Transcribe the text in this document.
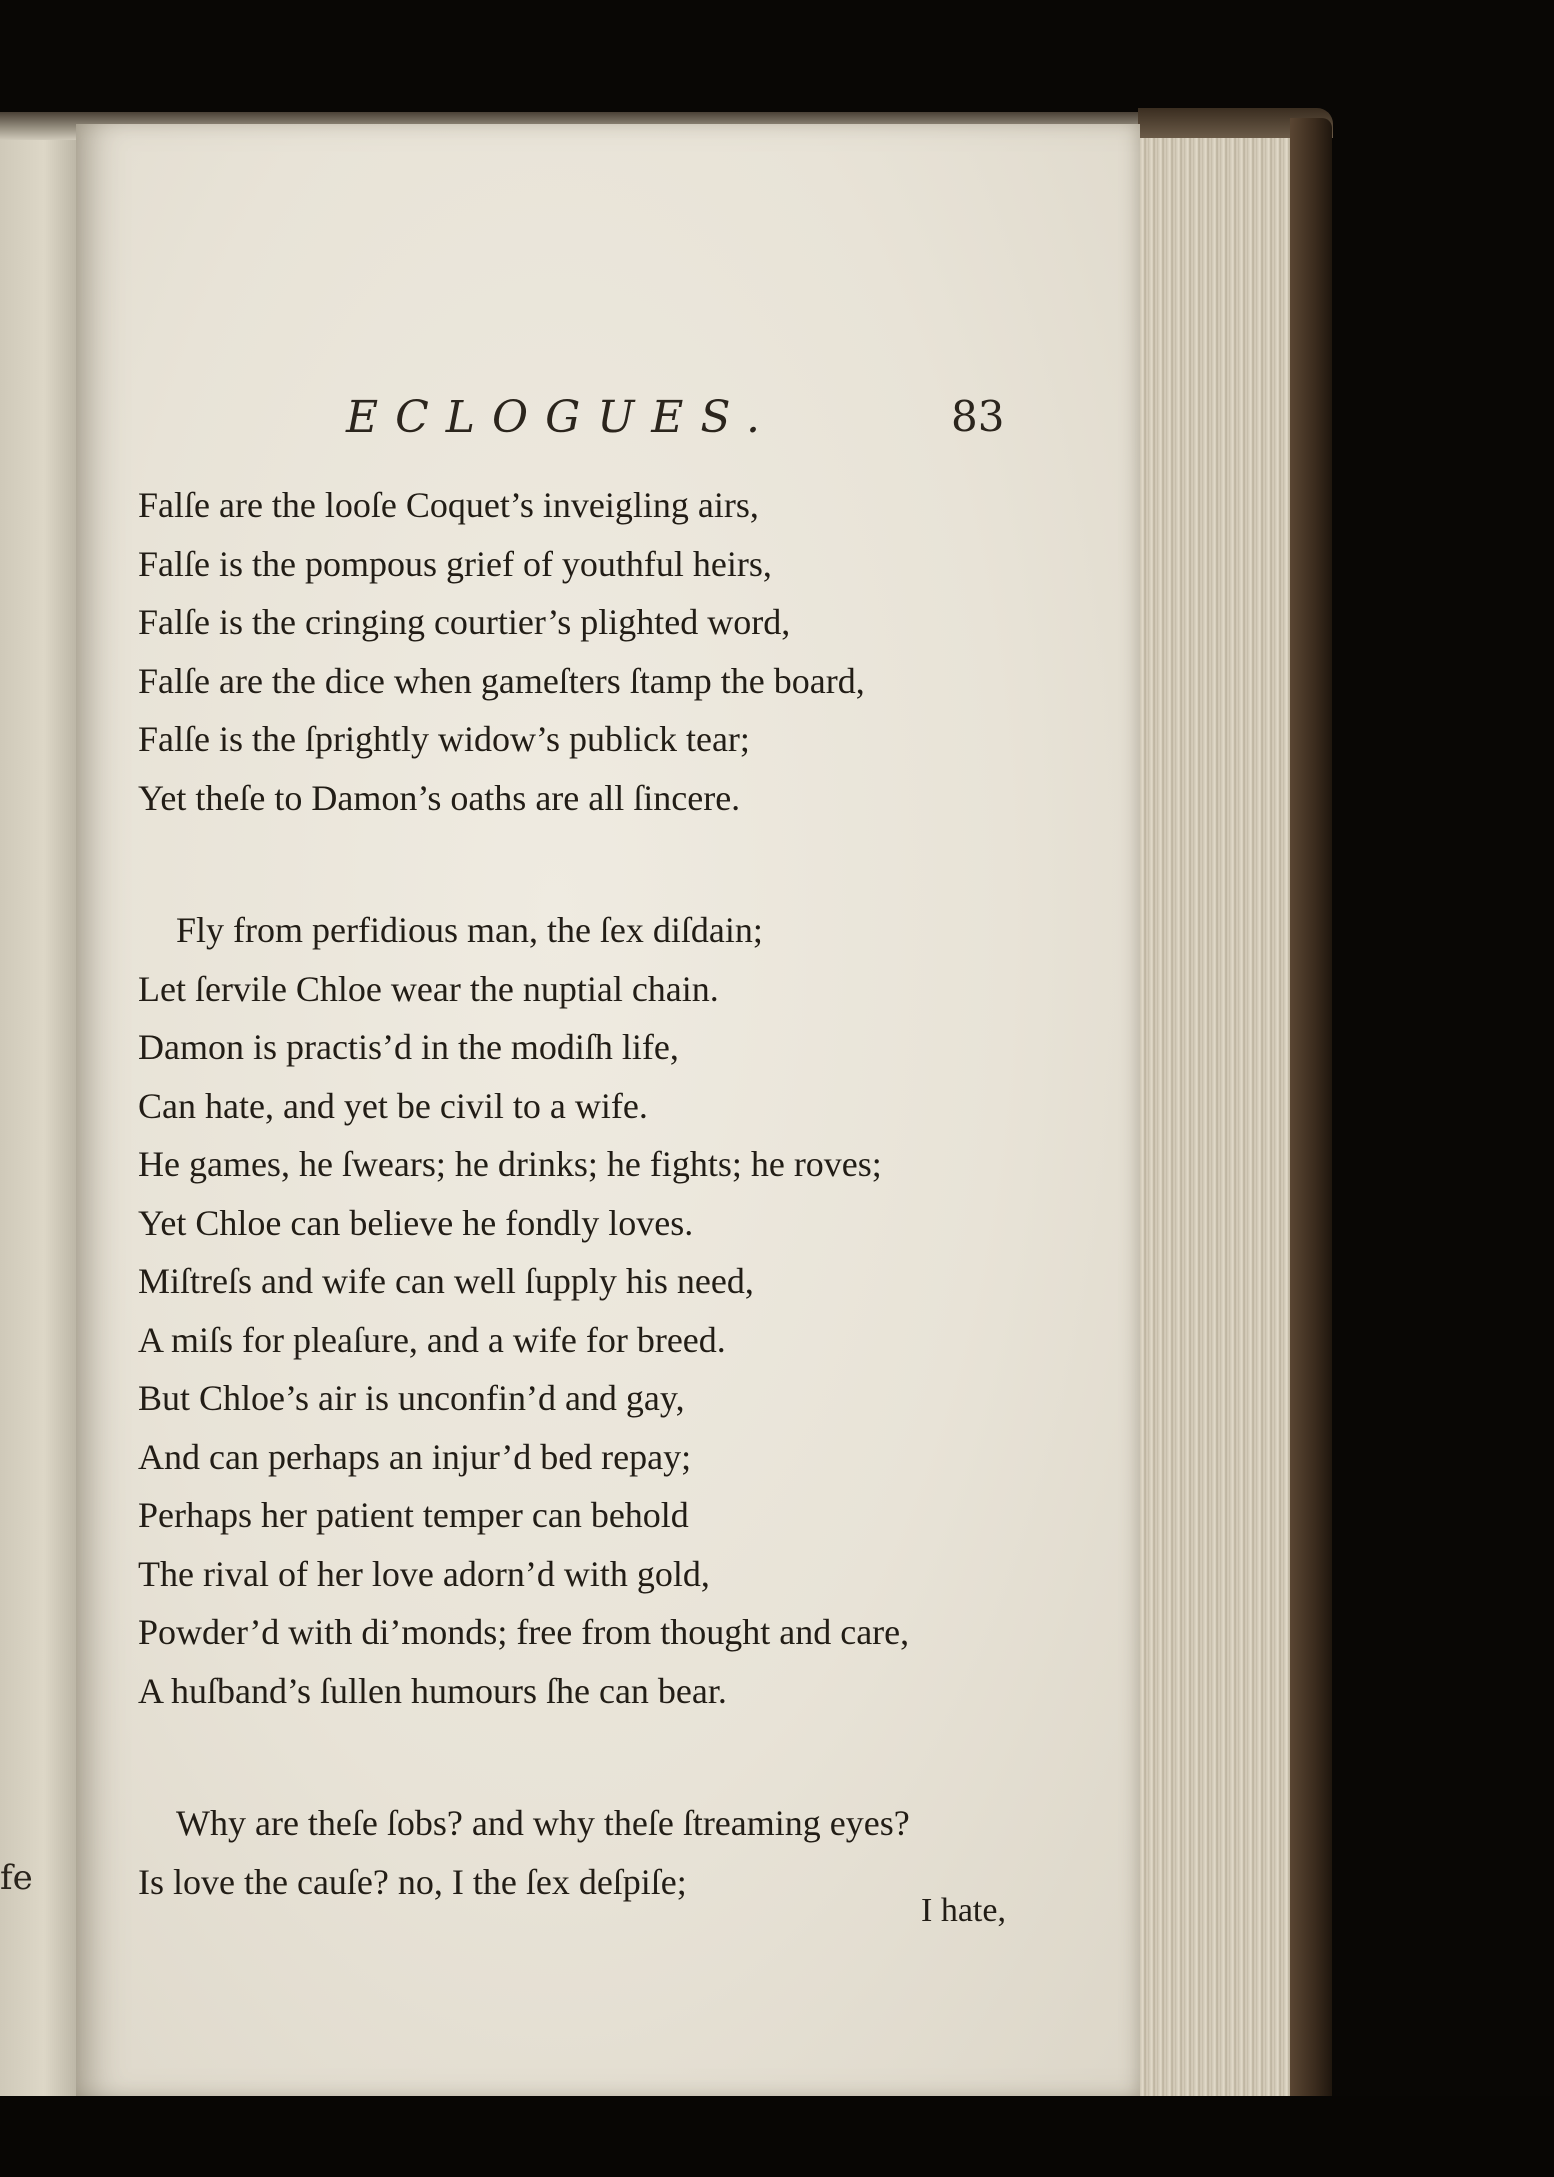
fe
ECLOGUES.	83
Falſe are the looſe Coquet’s inveigling airs,
Falſe is the pompous grief of youthful heirs,
Falſe is the cringing courtier’s plighted word,
Falſe are the dice when gameſters ſtamp the board,
Falſe is the ſprightly widow’s publick tear;
Yet theſe to Damon’s oaths are all ſincere.
Fly from perfidious man, the ſex diſdain;
Let ſervile Chloe wear the nuptial chain.
Damon is practis’d in the modiſh life,
Can hate, and yet be civil to a wife.
He games, he ſwears; he drinks; he fights; he roves;
Yet Chloe can believe he fondly loves.
Miſtreſs and wife can well ſupply his need,
A miſs for pleaſure, and a wife for breed.
But Chloe’s air is unconfin’d and gay,
And can perhaps an injur’d bed repay;
Perhaps her patient temper can behold
The rival of her love adorn’d with gold,
Powder’d with di’monds; free from thought and care,
A huſband’s ſullen humours ſhe can bear.
Why are theſe ſobs? and why theſe ſtreaming eyes?
Is love the cauſe? no, I the ſex deſpiſe;
I hate,
